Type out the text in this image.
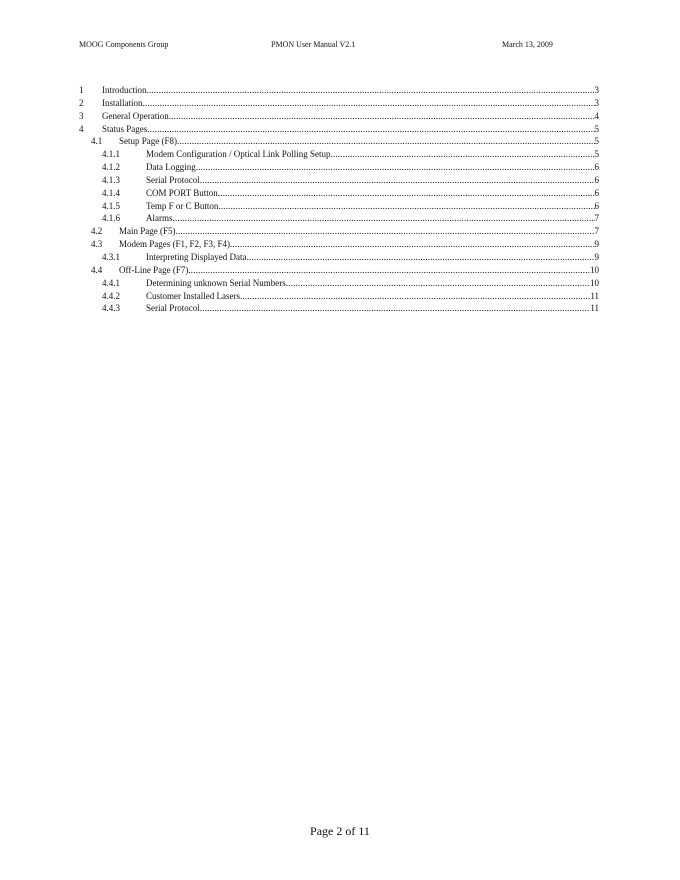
MOOG Components Group	PMON User Manual V2.1	March 13, 2009
1 Introduction .....	3
2 Installation .....	3
3 General Operation .....	4
4 Status Pages .....	5
4.1 Setup Page (F8) .....	5
4.1.1	Modem Configuration / Optical Link Polling Setup .....	5
4.1.2	Data Logging .....	6
4.1.3	Serial Protocol .....	6
4.1.4	COM PORT Button .....	6
4.1.5	Temp F or C Button .....	6
4.1.6	Alarms .....	7
4.2 Main Page (F5) .....	7
4.3 Modem Pages (F1, F2, F3, F4) .....	9
4.3.1	Interpreting Displayed Data .....	9
4.4 Off-Line Page (F7) .....	10
4.4.1	Determining unknown Serial Numbers .....	10
4.4.2	Customer Installed Lasers .....	11
4.4.3	Serial Protocol .....	11
Page 2 of 11
